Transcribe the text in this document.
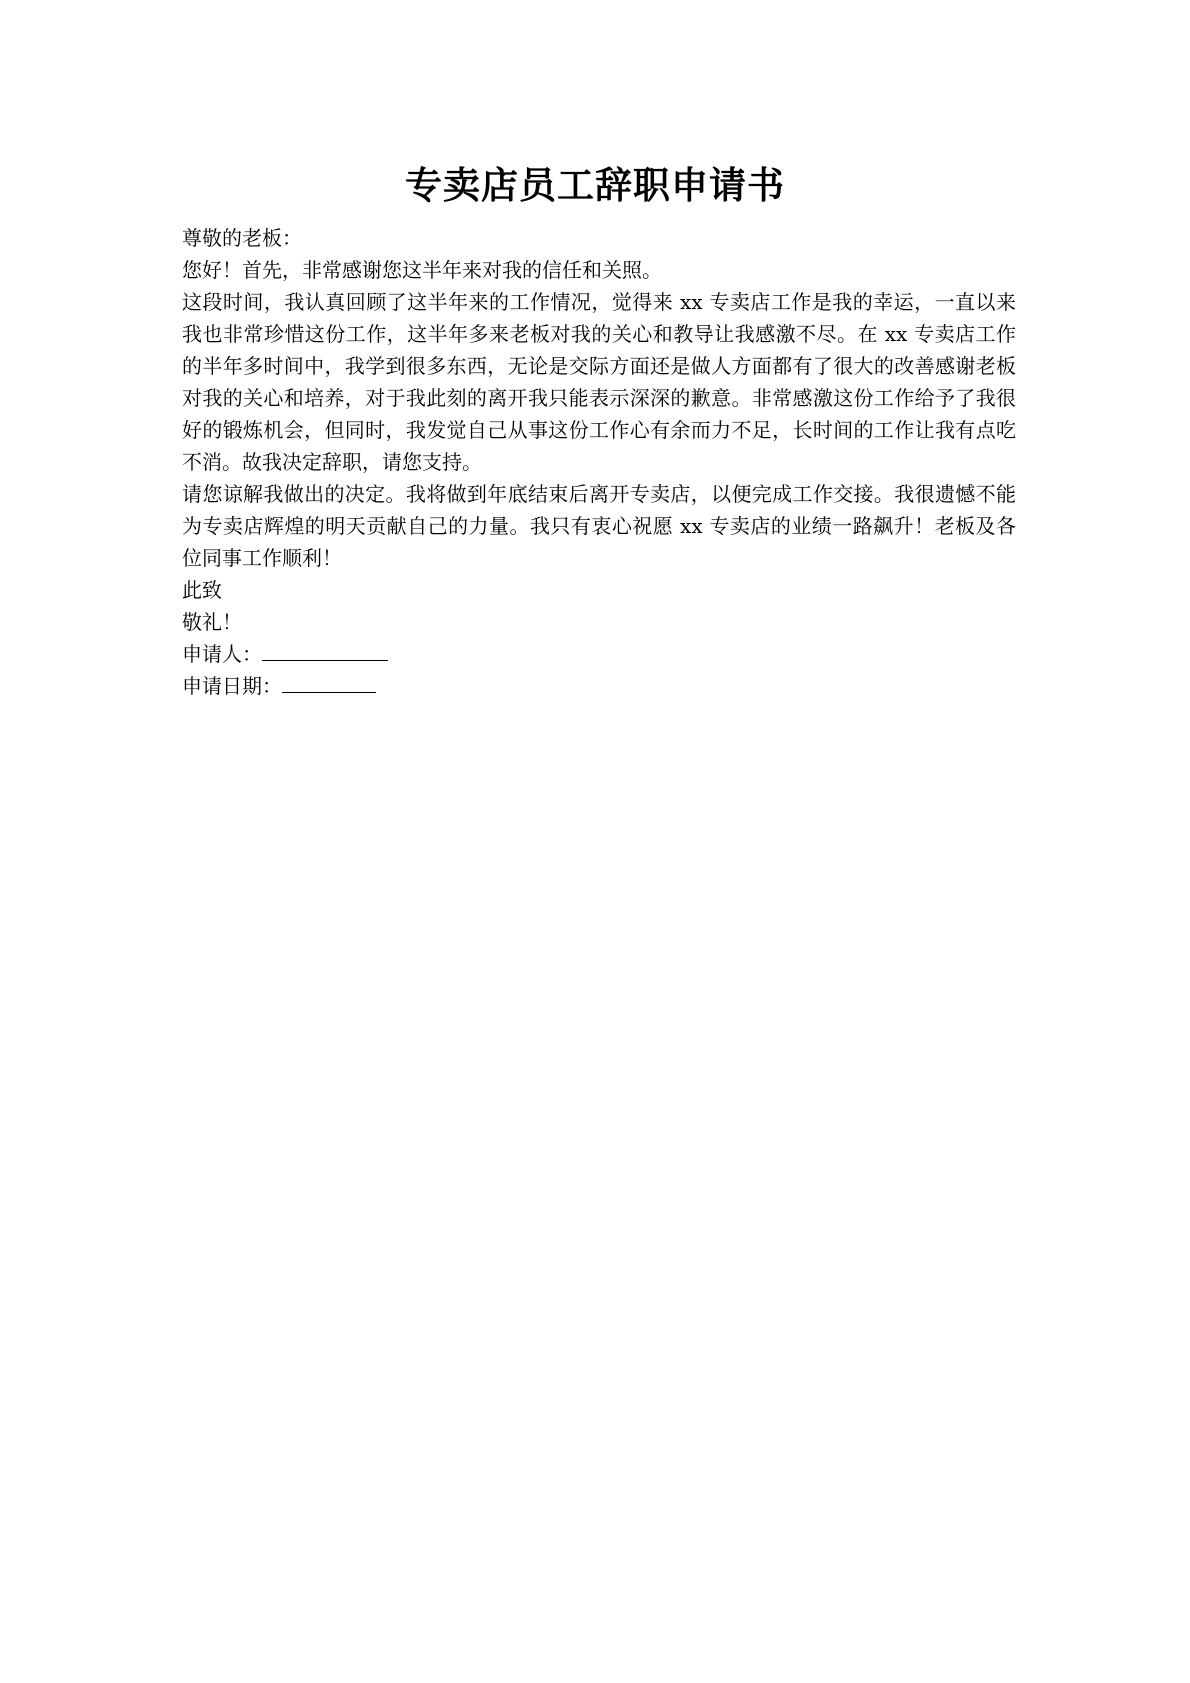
专卖店员工辞职申请书

尊敬的老板：

您好！首先，非常感谢您这半年来对我的信任和关照。

这段时间，我认真回顾了这半年来的工作情况，觉得来 xx 专卖店工作是我的幸运，一直以来我也非常珍惜这份工作，这半年多来老板对我的关心和教导让我感激不尽。在 xx 专卖店工作的半年多时间中，我学到很多东西，无论是交际方面还是做人方面都有了很大的改善感谢老板对我的关心和培养，对于我此刻的离开我只能表示深深的歉意。非常感激这份工作给予了我很好的锻炼机会，但同时，我发觉自己从事这份工作心有余而力不足，长时间的工作让我有点吃不消。故我决定辞职，请您支持。

请您谅解我做出的决定。我将做到年底结束后离开专卖店，以便完成工作交接。我很遗憾不能为专卖店辉煌的明天贡献自己的力量。我只有衷心祝愿 xx 专卖店的业绩一路飙升！老板及各位同事工作顺利！

此致

敬礼！

申请人：

申请日期：
